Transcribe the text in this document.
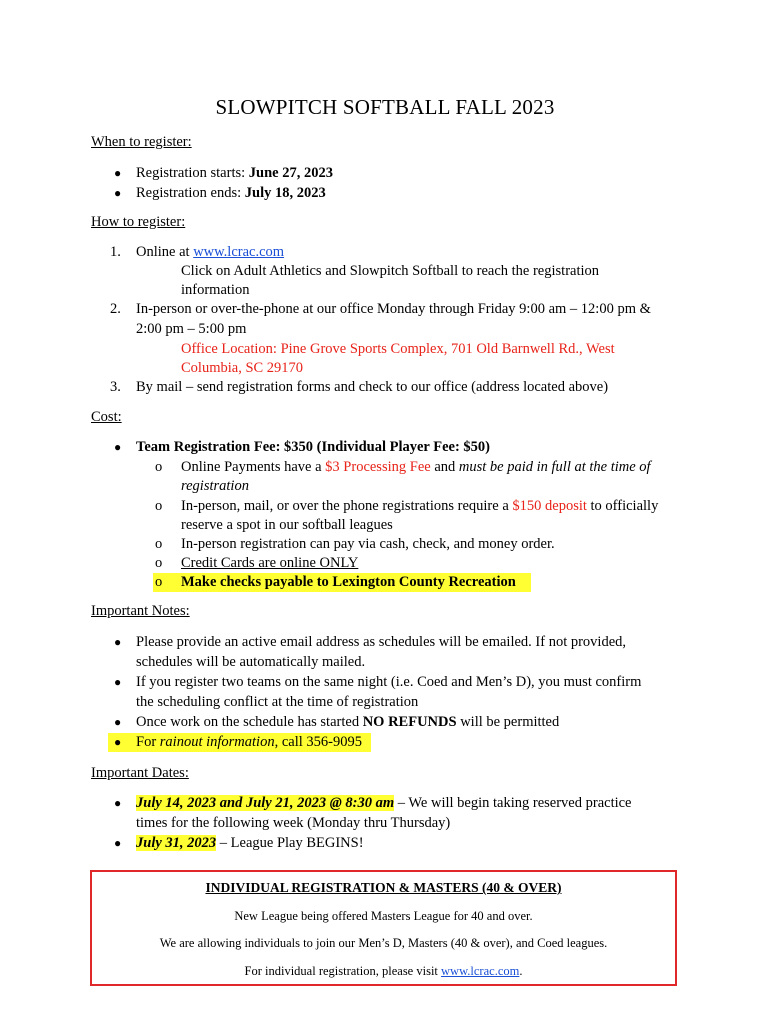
SLOWPITCH SOFTBALL FALL 2023
When to register:
● Registration starts: June 27, 2023
● Registration ends: July 18, 2023
How to register:
1. Online at www.lcrac.com
Click on Adult Athletics and Slowpitch Softball to reach the registration
information
2. In-person or over-the-phone at our office Monday through Friday 9:00 am – 12:00 pm &
2:00 pm – 5:00 pm
Office Location: Pine Grove Sports Complex, 701 Old Barnwell Rd., West
Columbia, SC 29170
3. By mail – send registration forms and check to our office (address located above)
Cost:
● Team Registration Fee: $350 (Individual Player Fee: $50)
o Online Payments have a $3 Processing Fee and must be paid in full at the time of
registration
o In-person, mail, or over the phone registrations require a $150 deposit to officially
reserve a spot in our softball leagues
o In-person registration can pay via cash, check, and money order.
o Credit Cards are online ONLY
o Make checks payable to Lexington County Recreation
Important Notes:
● Please provide an active email address as schedules will be emailed. If not provided,
schedules will be automatically mailed.
● If you register two teams on the same night (i.e. Coed and Men’s D), you must confirm
the scheduling conflict at the time of registration
● Once work on the schedule has started NO REFUNDS will be permitted
● For rainout information, call 356-9095
Important Dates:
● July 14, 2023 and July 21, 2023 @ 8:30 am – We will begin taking reserved practice
times for the following week (Monday thru Thursday)
● July 31, 2023 – League Play BEGINS!
INDIVIDUAL REGISTRATION & MASTERS (40 & OVER)
New League being offered Masters League for 40 and over.
We are allowing individuals to join our Men’s D, Masters (40 & over), and Coed leagues.
For individual registration, please visit www.lcrac.com.
